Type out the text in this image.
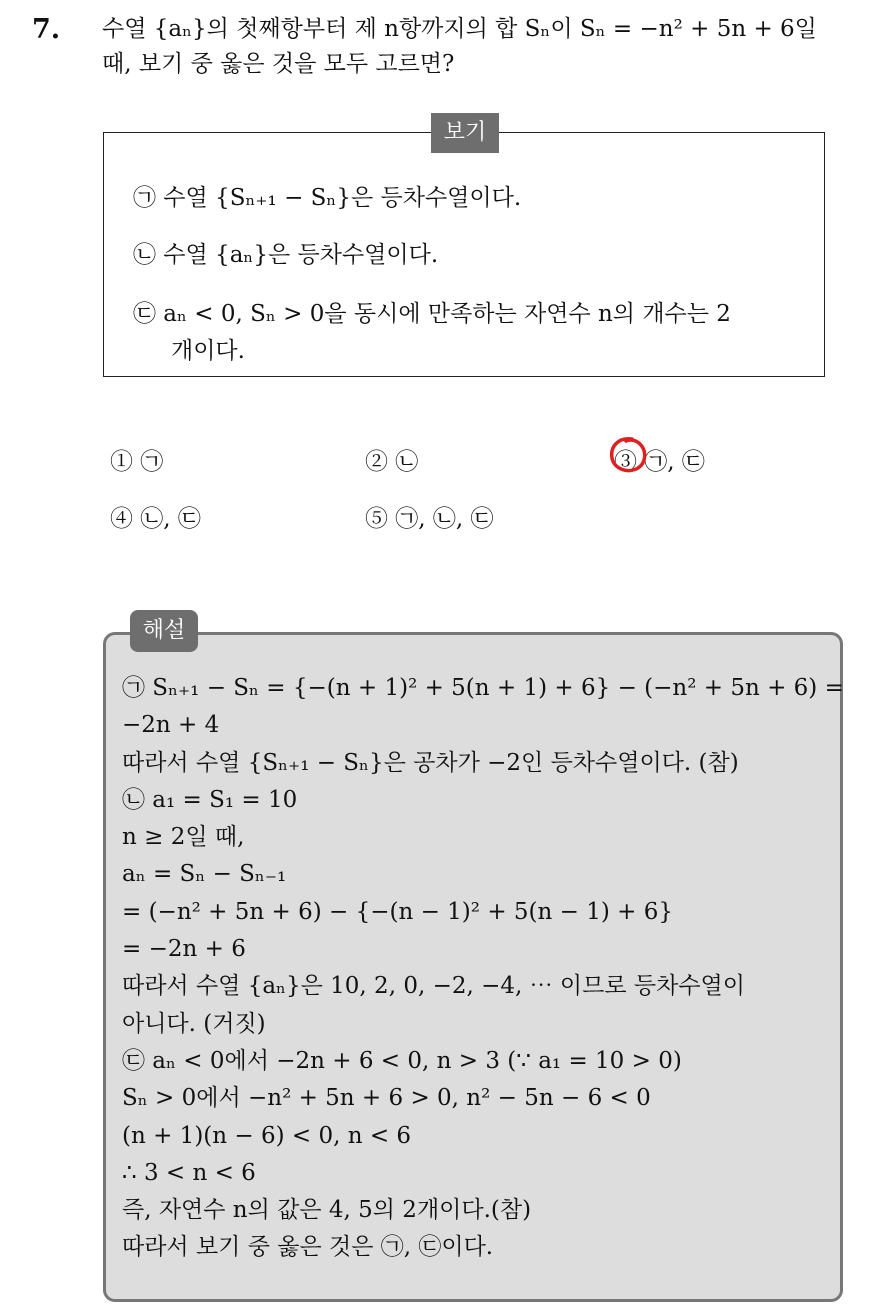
7. 수열 {aₙ}의 첫째항부터 제 n항까지의 합 Sₙ이 Sₙ = −n² + 5n + 6일
때, 보기 중 옳은 것을 모두 고르면?
보기
㉠ 수열 {Sₙ₊₁ − Sₙ}은 등차수열이다.
㉡ 수열 {aₙ}은 등차수열이다.
㉢ aₙ < 0, Sₙ > 0을 동시에 만족하는 자연수 n의 개수는 2
개이다.
① ㉠	② ㉡	③ ㉠, ㉢
④ ㉡, ㉢	⑤ ㉠, ㉡, ㉢
해설
㉠ Sₙ₊₁ − Sₙ = {−(n + 1)² + 5(n + 1) + 6} − (−n² + 5n + 6) =
−2n + 4
따라서 수열 {Sₙ₊₁ − Sₙ}은 공차가 −2인 등차수열이다. (참)
㉡ a₁ = S₁ = 10
n ≥ 2일 때,
aₙ = Sₙ − Sₙ₋₁
= (−n² + 5n + 6) − {−(n − 1)² + 5(n − 1) + 6}
= −2n + 6
따라서 수열 {aₙ}은 10, 2, 0, −2, −4, ⋯ 이므로 등차수열이
아니다. (거짓)
㉢ aₙ < 0에서 −2n + 6 < 0, n > 3 (∵ a₁ = 10 > 0)
Sₙ > 0에서 −n² + 5n + 6 > 0, n² − 5n − 6 < 0
(n + 1)(n − 6) < 0, n < 6
∴ 3 < n < 6
즉, 자연수 n의 값은 4, 5의 2개이다.(참)
따라서 보기 중 옳은 것은 ㉠, ㉢이다.
